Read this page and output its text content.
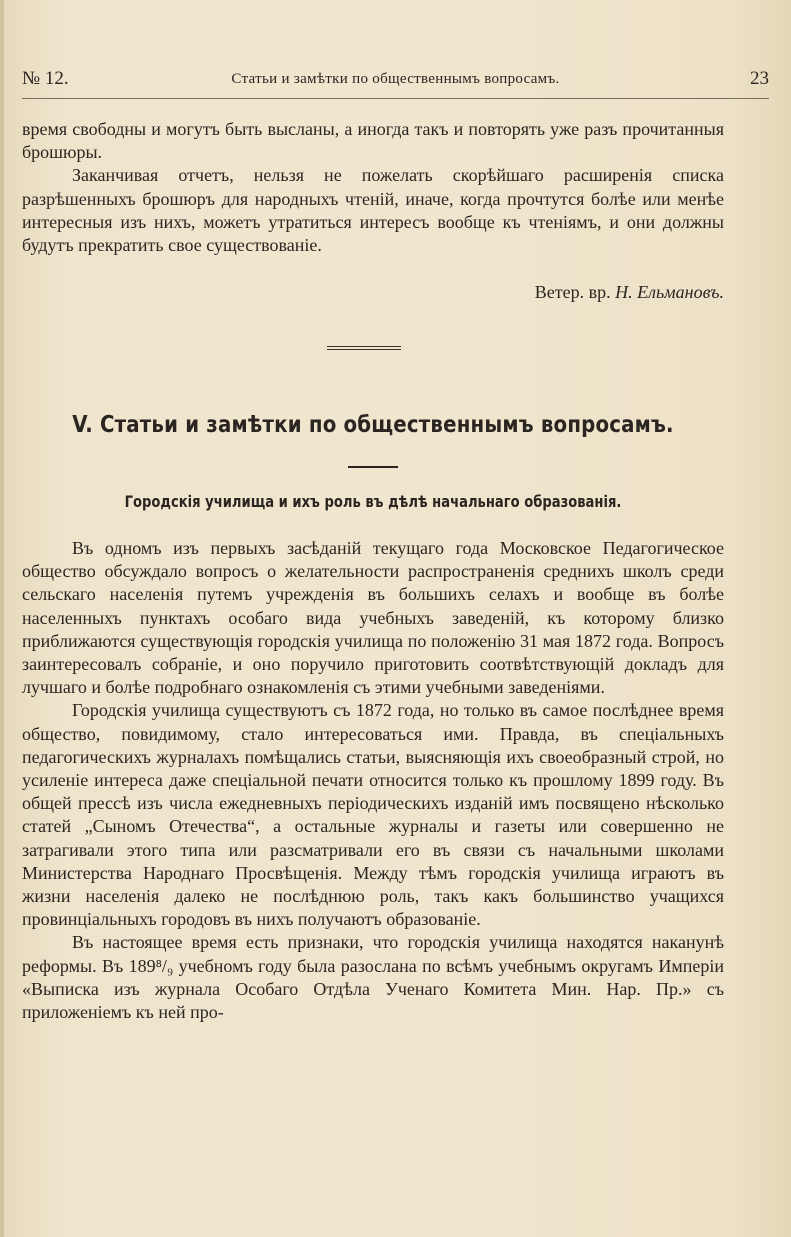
№ 12.	Статьи и замѣтки по общественнымъ вопросамъ.	23

время свободны и могутъ быть высланы, а иногда такъ и повторять уже разъ прочитанныя брошюры.

Заканчивая отчетъ, нельзя не пожелать скорѣйшаго расширенія списка разрѣшенныхъ брошюръ для народныхъ чтеній, иначе, когда прочтутся болѣе или менѣе интересныя изъ нихъ, можетъ утратиться интересъ вообще къ чтеніямъ, и они должны будутъ прекратить свое существованіе.

Ветер. вр. Н. Ельмановъ.
V. Статьи и замѣтки по общественнымъ вопросамъ.
Городскія училища и ихъ роль въ дѣлѣ начальнаго образованія.

Въ одномъ изъ первыхъ засѣданій текущаго года Московское Педагогическое общество обсуждало вопросъ о желательности распространенія среднихъ школъ среди сельскаго населенія путемъ учрежденія въ большихъ селахъ и вообще въ болѣе населенныхъ пунктахъ особаго вида учебныхъ заведеній, къ которому близко приближаются существующія городскія училища по положенію 31 мая 1872 года. Вопросъ заинтересовалъ собраніе, и оно поручило приготовить соотвѣтствующій докладъ для лучшаго и болѣе подробнаго ознакомленія съ этими учебными заведеніями.

Городскія училища существуютъ съ 1872 года, но только въ самое послѣднее время общество, повидимому, стало интересоваться ими. Правда, въ спеціальныхъ педагогическихъ журналахъ помѣщались статьи, выясняющія ихъ своеобразный строй, но усиленіе интереса даже спеціальной печати относится только къ прошлому 1899 году. Въ общей прессѣ изъ числа ежедневныхъ періодическихъ изданій имъ посвящено нѣсколько статей „Сыномъ Отечества“, а остальные журналы и газеты или совершенно не затрагивали этого типа или разсматривали его въ связи съ начальными школами Министерства Народнаго Просвѣщенія. Между тѣмъ городскія училища играютъ въ жизни населенія далеко не послѣднюю роль, такъ какъ большинство учащихся провинціальныхъ городовъ въ нихъ получаютъ образованіе.

Въ настоящее время есть признаки, что городскія училища находятся наканунѣ реформы. Въ 189⁸/₉ учебномъ году была разослана по всѣмъ учебнымъ округамъ Имперіи «Выписка изъ журнала Особаго Отдѣла Ученаго Комитета Мин. Нар. Пр.» съ приложеніемъ къ ней про-
